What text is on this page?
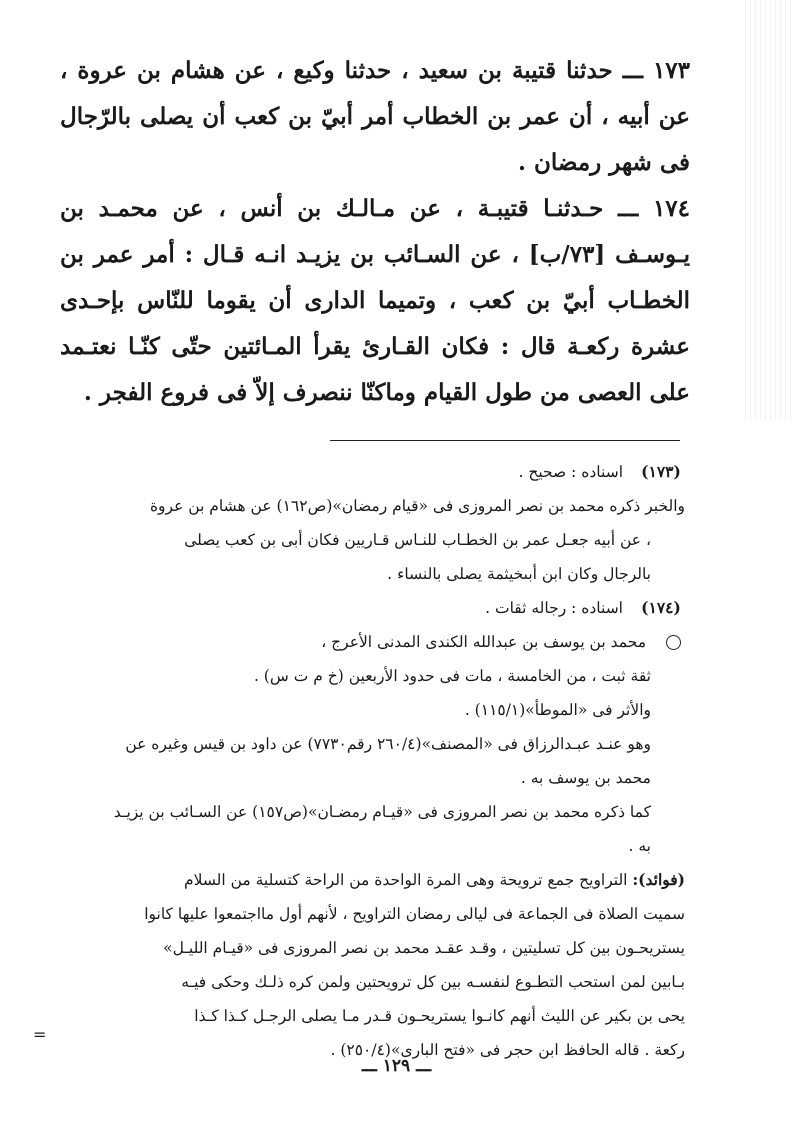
١٧٣ ـــ حدثنا قتيبة بن سعيد ، حدثنا وكيع ، عن هشام بن عروة ، عن أبيه ، أن عمر بن الخطاب أمر أبيّ بن كعب أن يصلى بالرّجال فى شهر رمضان .

١٧٤ ـــ حـدثنـا قتيبـة ، عن مـالـك بن أنس ، عن محمـد بن يـوسـف [٧٣/ب] ، عن السـائب بن يزيـد انـه قـال : أمر عمر بن الخطـاب أبيّ بن كعب ، وتميما الدارى أن يقوما للنّاس بإحـدى عشرة ركعـة قال : فكان القـارئ يقرأ المـائتين حتّى كنّـا نعتـمد على العصى من طول القيام وماكنّا ننصرف إلاّ فى فروع الفجر .

(١٧٣)
اسناده : صحيح .
والخبر ذكره محمد بن نصر المروزى فى «قيام رمضان»(ص١٦٢) عن هشام بن عروة
، عن أبيه جعـل عمر بن الخطـاب للنـاس قـاريين فكان أبى بن كعب يصلى
بالرجال وكان ابن أبىخيثمة يصلى بالنساء .
(١٧٤)
اسناده : رجاله ثقات .
محمد بن يوسف بن عبدالله الكندى المدنى الأعرج ،
ثقة ثبت ، من الخامسة ، مات فى حدود الأربعين (خ م ت س) .
والأثر فى «الموطأ»(١١٥/١) .
وهو عنـد عبـدالرزاق فى «المصنف»(٢٦٠/٤ رقم٧٧٣٠) عن داود بن قيس وغيره عن
محمد بن يوسف به .
كما ذكره محمد بن نصر المروزى فى «قيـام رمضـان»(ص١٥٧) عن السـائب بن يزيـد
به .
(فوائد): التراويح جمع ترويحة وهى المرة الواحدة من الراحة كتسلية من السلام
سميت الصلاة فى الجماعة فى ليالى رمضان التراويح ، لأنهم أول مااجتمعوا عليها كانوا
يستريحـون بين كل تسليتين ، وقـد عقـد محمد بن نصر المروزى فى «قيـام الليـل»
بـابين لمن استحب التطـوع لنفسـه بين كل ترويحتين ولمن كره ذلـك وحكى فيـه
يحى بن بكير عن الليث أنهم كانـوا يستريحـون قـدر مـا يصلى الرجـل كـذا كـذا
ركعة . قاله الحافظ ابن حجر فى «فتح البارى»(٢٥٠/٤) .
=
ـــ ١٢٩ ـــ
